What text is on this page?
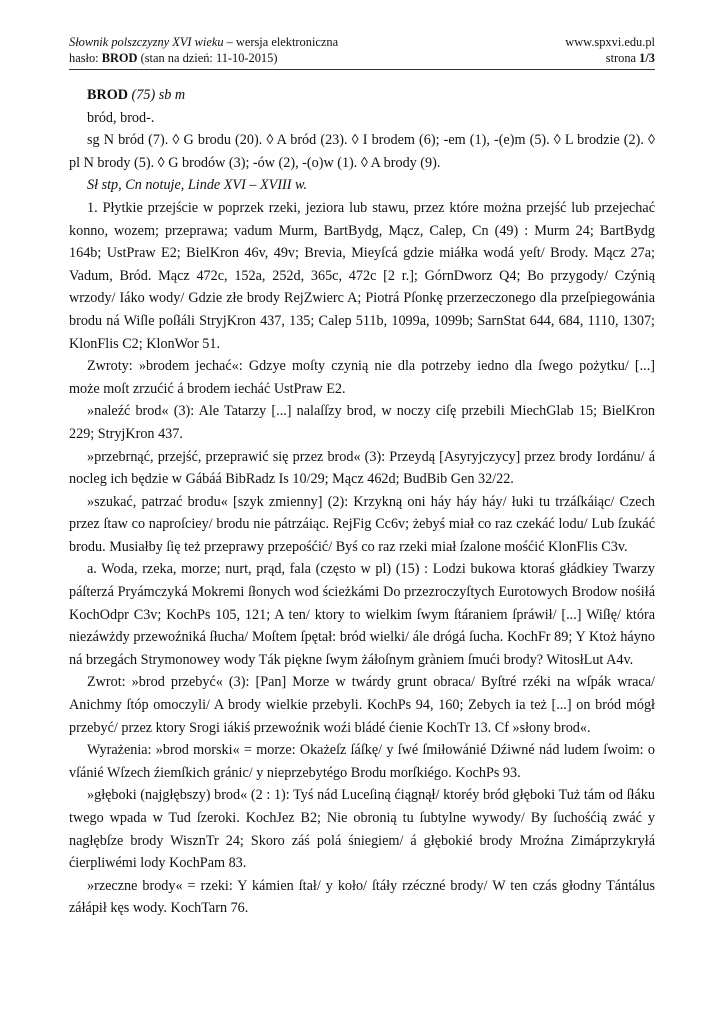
Słownik polszczyzny XVI wieku – wersja elektroniczna	www.spxvi.edu.pl
hasło: BROD (stan na dzień: 11-10-2015)	strona 1/3

BROD (75) sb m

bród, brod-.

sg N bród (7). ◊ G brodu (20). ◊ A bród (23). ◊ I brodem (6); -em (1), -(e)m (5). ◊ L brodzie (2). ◊ pl N brody (5). ◊ G brodów (3); -ów (2), -(o)w (1). ◊ A brody (9).

Sł stp, Cn notuje, Linde XVI – XVIII w.

1. Płytkie przejście w poprzek rzeki, jeziora lub stawu, przez które można przejść lub przejechać konno, wozem; przeprawa; vadum Murm, BartBydg, Mącz, Calep, Cn (49) : Murm 24; BartBydg 164b; UstPraw E2; BielKron 46v, 49v; Brevia, Mieyſcá gdzie miáłka wodá yeſt/ Brody. Mącz 27a; Vadum, Bród. Mącz 472c, 152a, 252d, 365c, 472c [2 r.]; GórnDworz Q4; Bo przygody/ Czýnią wrzody/ Iáko wody/ Gdzie złe brody RejZwierc A; Piotrá Pſonkę przerzeczonego dla przeſpiegowánia brodu ná Wiſle poſłáli StryjKron 437, 135; Calep 511b, 1099a, 1099b; SarnStat 644, 684, 1110, 1307; KlonFlis C2; KlonWor 51.

Zwroty: »brodem jechać«: Gdzye moſty czynią nie dla potrzeby iedno dla ſwego pożytku/ [...] może moſt zrzućić á brodem iecháć UstPraw E2.

»naleźć brod« (3): Ale Tatarzy [...] nalaſſzy brod, w noczy ciſę przebili MiechGlab 15; BielKron 229; StryjKron 437.

»przebrnąć, przejść, przeprawić się przez brod« (3): Przeydą [Asyryjczycy] przez brody Iordánu/ á nocleg ich będzie w Gábáá BibRadz Is 10/29; Mącz 462d; BudBib Gen 32/22.

»szukać, patrzać brodu« [szyk zmienny] (2): Krzykną oni háy háy háy/ łuki tu trzáſkáiąc/ Czech przez ſtaw co naproſciey/ brodu nie pátrzáiąc. RejFig Cc6v; żebyś miał co raz czekáć lodu/ Lub ſzukáć brodu. Musiałby ſię też przeprawy przepośćić/ Byś co raz rzeki miał ſzalone mośćić KlonFlis C3v.

a. Woda, rzeka, morze; nurt, prąd, fala (często w pl) (15) : Lodzi bukowa ktoraś głádkiey Twarzy páſterzá Pryámczyká Mokremi ſłonych wod ścieżkámi Do przezroczyſtych Eurotowych Brodow nośiłá KochOdpr C3v; KochPs 105, 121; A ten/ ktory to wielkim ſwym ſtáraniem ſpráwił/ [...] Wiſłę/ która niezáwżdy przewoźniká ſłucha/ Moſtem ſpętał: bród wielki/ ále drógá ſucha. KochFr 89; Y Ktoż háyno ná brzegách Strymonowey wody Ták piękne ſwym żáłoſnym gràniem ſmući brody? WitosłLut A4v.

Zwrot: »brod przebyć« (3): [Pan] Morze w twárdy grunt obraca/ Byſtré rzéki na wſpák wraca/ Anichmy ſtóp omoczyli/ A brody wielkie przebyli. KochPs 94, 160; Zebych ia też [...] on bród mógł przebyć/ przez ktory Srogi iákiś przewoźnik woźi bládé ćienie KochTr 13. Cf »słony brod«.

Wyrażenia: »brod morski« = morze: Okażeſz ſáſkę/ y ſwé ſmiłowánié Dźiwné nád ludem ſwoim: o vſánié Wſzech źiemſkich gránic/ y nieprzebytégo Brodu morſkiégo. KochPs 93.

»głęboki (najgłębszy) brod« (2 : 1): Tyś nád Luceſiną ćiągnął/ ktoréy bród głęboki Tuż tám od ſłáku twego wpada w Tud ſzeroki. KochJez B2; Nie obronią tu ſubtylne wywody/ By ſuchośćią zwáć y nagłębſze brody WisznTr 24; Skoro záś polá śniegiem/ á głębokié brody Mroźna Zimáprzykryłá ćierpliwémi lody KochPam 83.

»rzeczne brody« = rzeki: Y kámien ſtał/ y koło/ ſtáły rzéczné brody/ W ten czás głodny Tántálus záłápił kęs wody. KochTarn 76.
